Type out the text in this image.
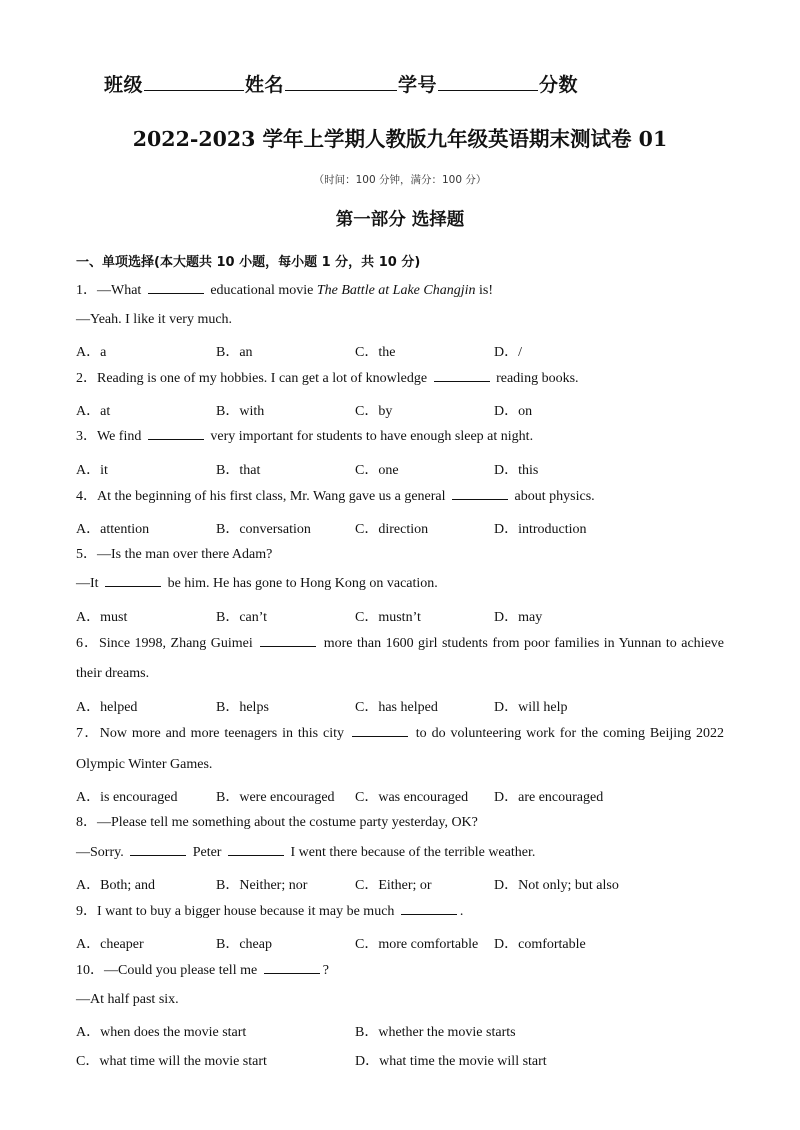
班级	姓名	学号	分数
2022-2023 学年上学期人教版九年级英语期末测试卷 01
（时间：100 分钟，满分：100 分）
第一部分 选择题
一、单项选择(本大题共 10 小题，每小题 1 分，共 10 分)
1．—What	educational movie The Battle at Lake Changjin is!
—Yeah. I like it very much.
A．a	B．an	C．the	D．/
2．Reading is one of my hobbies. I can get a lot of knowledge	reading books.
A．at	B．with	C．by	D．on
3．We find	very important for students to have enough sleep at night.
A．it	B．that	C．one	D．this
4．At the beginning of his first class, Mr. Wang gave us a general	about physics.
A．attention	B．conversation	C．direction	D．introduction
5．—Is the man over there Adam?
—It	be him. He has gone to Hong Kong on vacation.
A．must	B．can’t	C．mustn’t	D．may
6．Since 1998, Zhang Guimei	more than 1600 girl students from poor families in Yunnan to achieve
their dreams.
A．helped	B．helps	C．has helped	D．will help
7．Now more and more teenagers in this city	to do volunteering work for the coming Beijing 2022
Olympic Winter Games.
A．is encouraged	B．were encouraged C．was encouraged D．are encouraged
8．—Please tell me something about the costume party yesterday, OK?
—Sorry.	Peter	I went there because of the terrible weather.
A．Both; and	B．Neither; nor	C．Either; or	D．Not only; but also
9．I want to buy a bigger house because it may be much	.
A．cheaper	B．cheap	C．more comfortable D．comfortable
10．—Could you please tell me	?
—At half past six.
A．when does the movie start	B．whether the movie starts
C．what time will the movie start	D．what time the movie will start
